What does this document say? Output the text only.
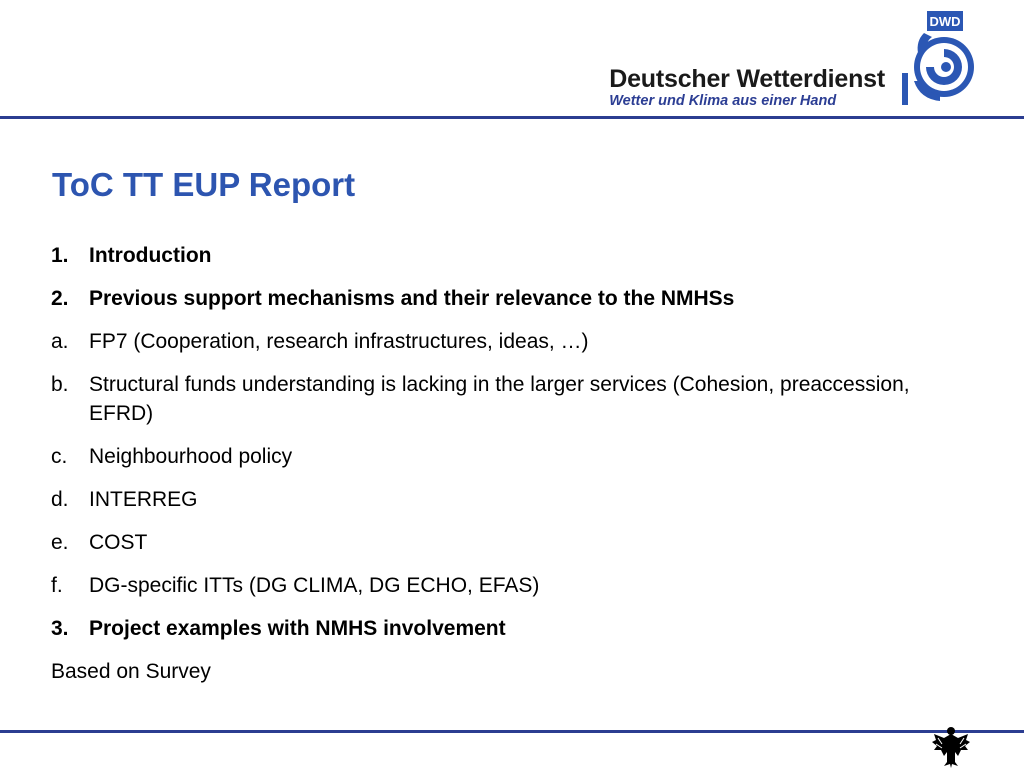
Deutscher Wetterdienst
Wetter und Klima aus einer Hand
DWD
ToC TT EUP Report
1. Introduction
2. Previous support mechanisms and their relevance to the NMHSs
a. FP7 (Cooperation, research infrastructures, ideas, …)
b. Structural funds understanding is lacking in the larger services (Cohesion, preaccession, EFRD)
c.	Neighbourhood policy
d. INTERREG
e. COST
f.	DG-specific ITTs (DG CLIMA, DG ECHO, EFAS)
3. Project examples with NMHS involvement
Based on Survey
